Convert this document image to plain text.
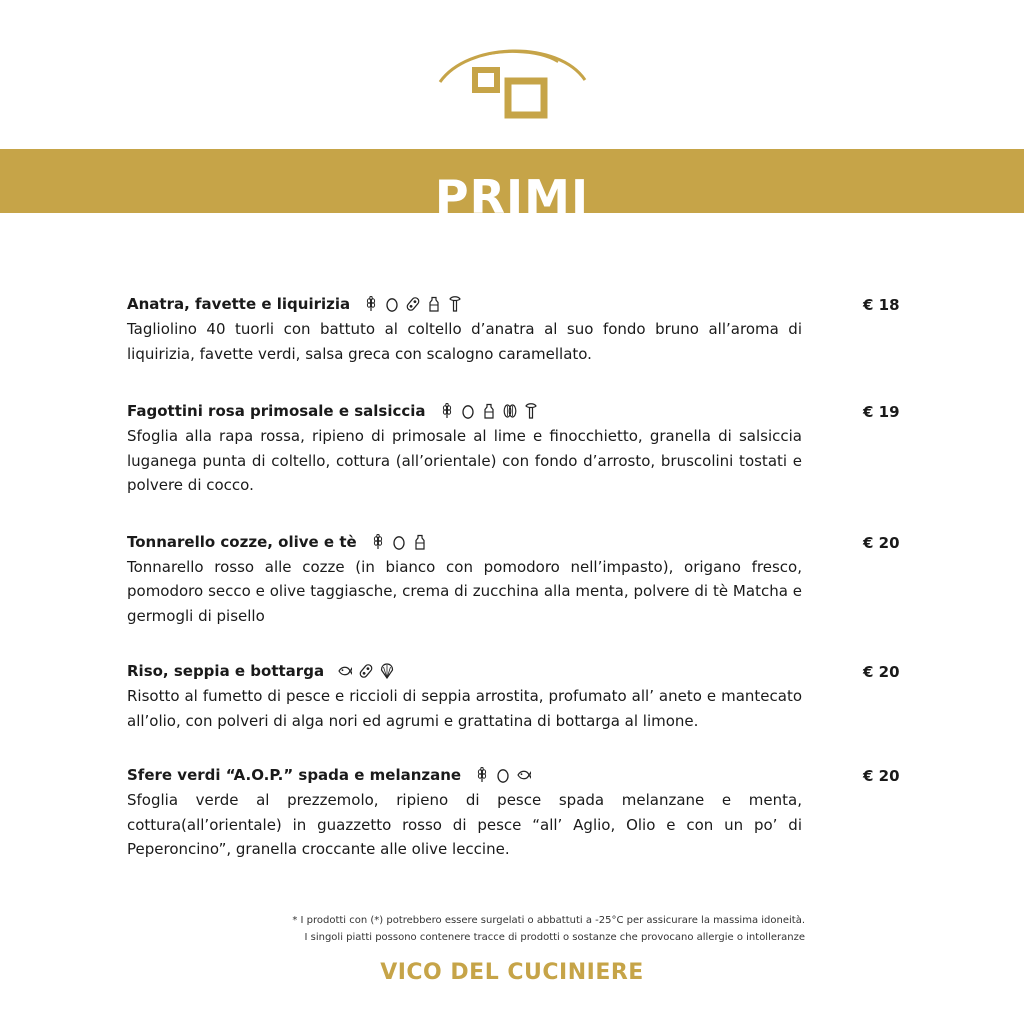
PRIMI
Anatra, favette e liquirizia
Tagliolino 40 tuorli con battuto al coltello d’anatra al suo fondo bruno all’aroma di liquirizia, favette verdi, salsa greca con scalogno caramellato.
€ 18
Fagottini rosa primosale e salsiccia
Sfoglia alla rapa rossa, ripieno di primosale al lime e finocchietto, granella di salsiccia luganega punta di coltello, cottura (all’orientale) con fondo d’arrosto, bruscolini tostati e polvere di cocco.
€ 19
Tonnarello cozze, olive e tè
Tonnarello rosso alle cozze (in bianco con pomodoro nell’impasto), origano fresco, pomodoro secco e olive taggiasche, crema di zucchina alla menta, polvere di tè Matcha e germogli di pisello
€ 20
Riso, seppia e bottarga
Risotto al fumetto di pesce e riccioli di seppia arrostita, profumato all’ aneto e mantecato all’olio, con polveri di alga nori ed agrumi e grattatina di bottarga al limone.
€ 20
Sfere verdi “A.O.P.” spada e melanzane
Sfoglia verde al prezzemolo, ripieno di pesce spada melanzane e menta, cottura(all’orientale) in guazzetto rosso di pesce “all’ Aglio, Olio e con un po’ di Peperoncino”, granella croccante alle olive leccine.
€ 20
* I prodotti con (*) potrebbero essere surgelati o abbattuti a -25°C per assicurare la massima idoneità.
I singoli piatti possono contenere tracce di prodotti o sostanze che provocano allergie o intolleranze
VICO DEL CUCINIERE
